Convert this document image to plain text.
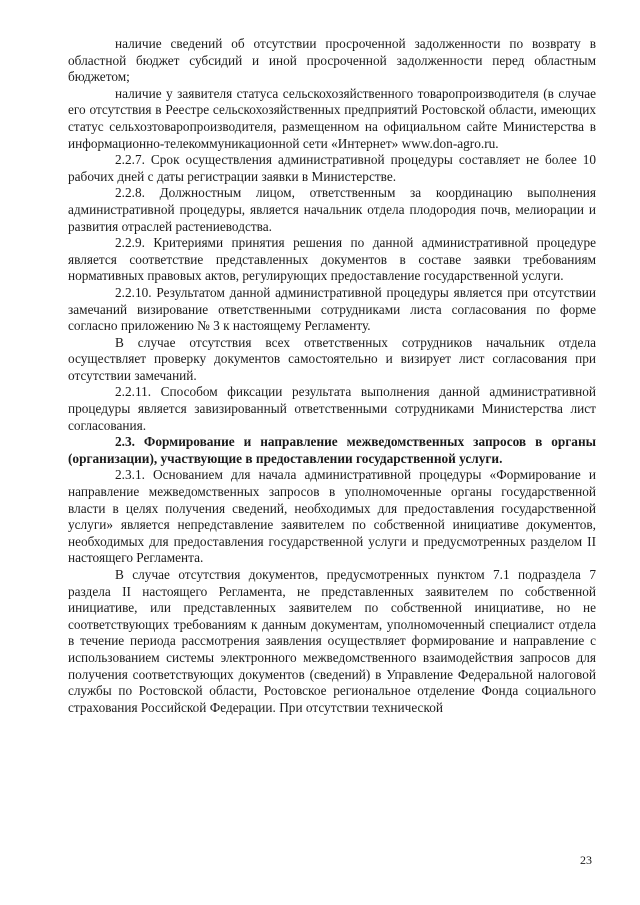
наличие сведений об отсутствии просроченной задолженности по возврату в областной бюджет субсидий и иной просроченной задолженности перед областным бюджетом;

наличие у заявителя статуса сельскохозяйственного товаропроизводителя (в случае его отсутствия в Реестре сельскохозяйственных предприятий Ростовской области, имеющих статус сельхозтоваропроизводителя, размещенном на официальном сайте Министерства в информационно-телекоммуникационной сети «Интернет» www.don-agro.ru.

2.2.7. Срок осуществления административной процедуры составляет не более 10 рабочих дней с даты регистрации заявки в Министерстве.

2.2.8. Должностным лицом, ответственным за координацию выполнения административной процедуры, является начальник отдела плодородия почв, мелиорации и развития отраслей растениеводства.

2.2.9. Критериями принятия решения по данной административной процедуре является соответствие представленных документов в составе заявки требованиям нормативных правовых актов, регулирующих предоставление государственной услуги.

2.2.10. Результатом данной административной процедуры является при отсутствии замечаний визирование ответственными сотрудниками листа согласования по форме согласно приложению № 3 к настоящему Регламенту.

В случае отсутствия всех ответственных сотрудников начальник отдела осуществляет проверку документов самостоятельно и визирует лист согласования при отсутствии замечаний.

2.2.11. Способом фиксации результата выполнения данной административной процедуры является завизированный ответственными сотрудниками Министерства лист согласования.

2.3. Формирование и направление межведомственных запросов в органы (организации), участвующие в предоставлении государственной услуги.

2.3.1. Основанием для начала административной процедуры «Формирование и направление межведомственных запросов в уполномоченные органы государственной власти в целях получения сведений, необходимых для предоставления государственной услуги» является непредставление заявителем по собственной инициативе документов, необходимых для предоставления государственной услуги и предусмотренных разделом II настоящего Регламента.

В случае отсутствия документов, предусмотренных пунктом 7.1 подраздела 7 раздела II настоящего Регламента, не представленных заявителем по собственной инициативе, или представленных заявителем по собственной инициативе, но не соответствующих требованиям к данным документам, уполномоченный специалист отдела в течение периода рассмотрения заявления осуществляет формирование и направление с использованием системы электронного межведомственного взаимодействия запросов для получения соответствующих документов (сведений) в Управление Федеральной налоговой службы по Ростовской области, Ростовское региональное отделение Фонда социального страхования Российской Федерации. При отсутствии технической

23
